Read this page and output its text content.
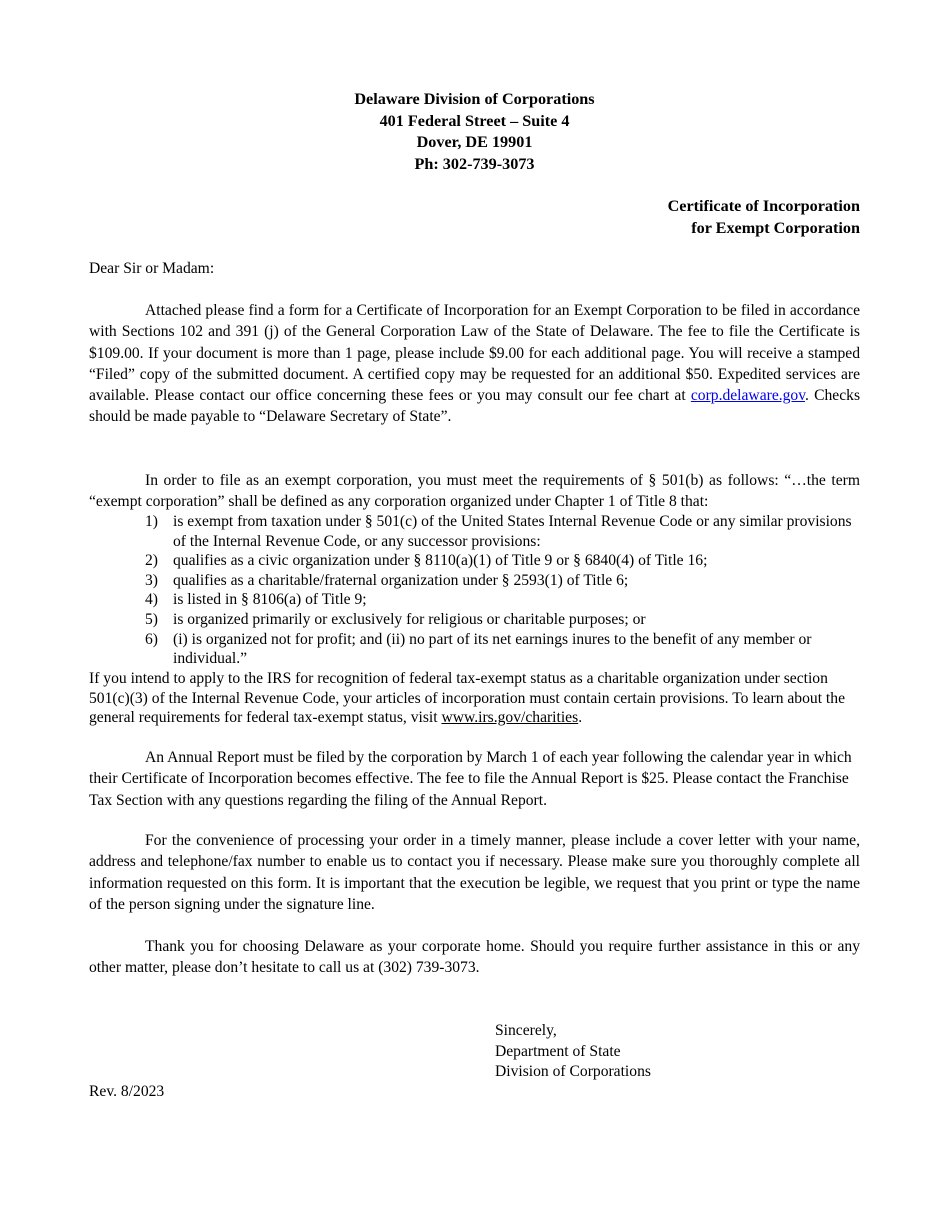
Delaware Division of Corporations
401 Federal Street – Suite 4
Dover, DE 19901
Ph: 302-739-3073
Certificate of Incorporation
for Exempt Corporation
Dear Sir or Madam:
Attached please find a form for a Certificate of Incorporation for an Exempt Corporation to be filed in accordance with Sections 102 and 391 (j) of the General Corporation Law of the State of Delaware. The fee to file the Certificate is $109.00. If your document is more than 1 page, please include $9.00 for each additional page. You will receive a stamped “Filed” copy of the submitted document. A certified copy may be requested for an additional $50. Expedited services are available. Please contact our office concerning these fees or you may consult our fee chart at corp.delaware.gov. Checks should be made payable to “Delaware Secretary of State”.
In order to file as an exempt corporation, you must meet the requirements of § 501(b) as follows: “…the term “exempt corporation” shall be defined as any corporation organized under Chapter 1 of Title 8 that:
1) is exempt from taxation under § 501(c) of the United States Internal Revenue Code or any similar provisions of the Internal Revenue Code, or any successor provisions:
2) qualifies as a civic organization under § 8110(a)(1) of Title 9 or § 6840(4) of Title 16;
3) qualifies as a charitable/fraternal organization under § 2593(1) of Title 6;
4) is listed in § 8106(a) of Title 9;
5) is organized primarily or exclusively for religious or charitable purposes; or
6) (i) is organized not for profit; and (ii) no part of its net earnings inures to the benefit of any member or individual.”
If you intend to apply to the IRS for recognition of federal tax-exempt status as a charitable organization under section 501(c)(3) of the Internal Revenue Code, your articles of incorporation must contain certain provisions. To learn about the general requirements for federal tax-exempt status, visit www.irs.gov/charities.
An Annual Report must be filed by the corporation by March 1 of each year following the calendar year in which their Certificate of Incorporation becomes effective. The fee to file the Annual Report is $25. Please contact the Franchise Tax Section with any questions regarding the filing of the Annual Report.
For the convenience of processing your order in a timely manner, please include a cover letter with your name, address and telephone/fax number to enable us to contact you if necessary. Please make sure you thoroughly complete all information requested on this form. It is important that the execution be legible, we request that you print or type the name of the person signing under the signature line.
Thank you for choosing Delaware as your corporate home. Should you require further assistance in this or any other matter, please don’t hesitate to call us at (302) 739-3073.
Sincerely,
Department of State
Division of Corporations
Rev. 8/2023
